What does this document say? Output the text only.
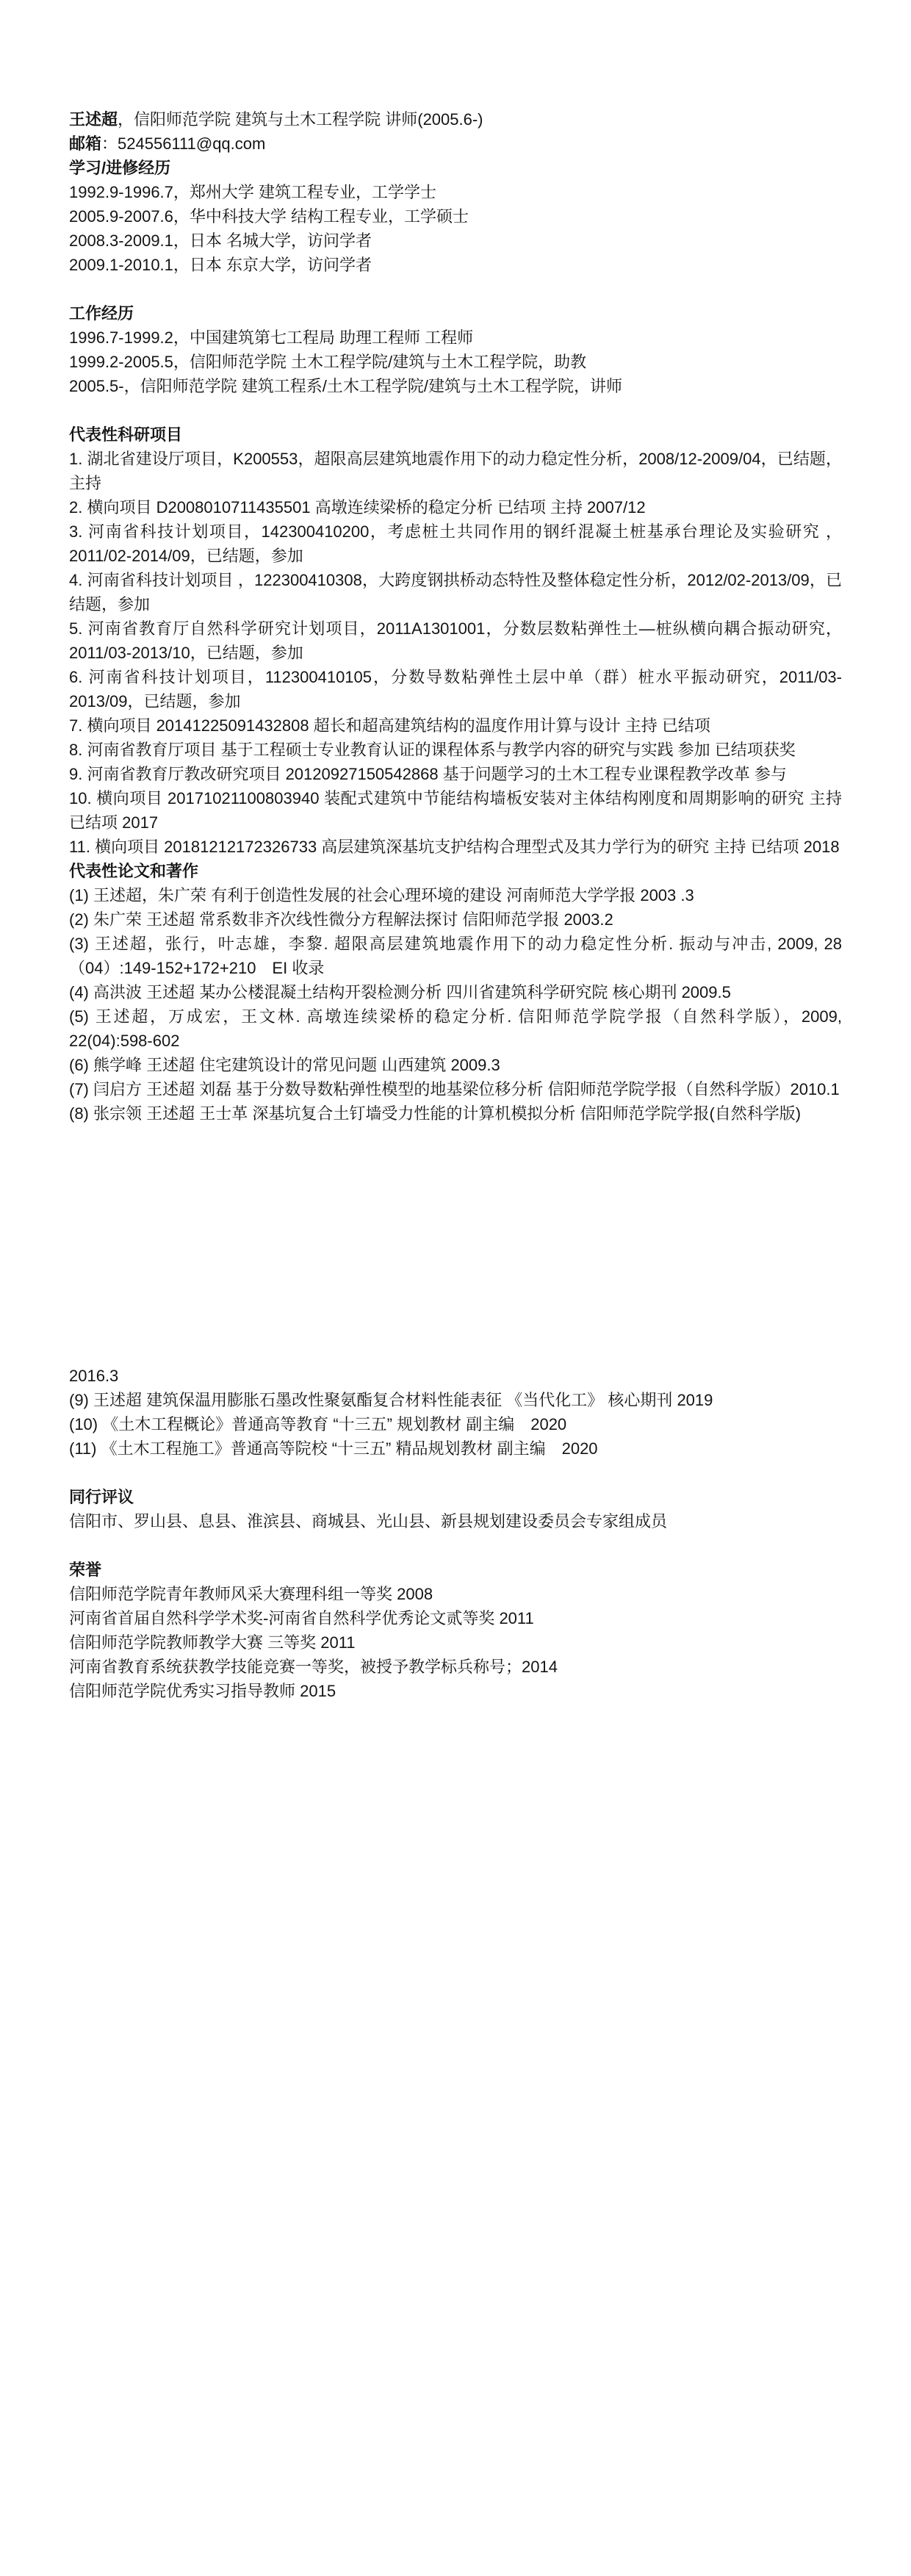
王述超，信阳师范学院 建筑与土木工程学院 讲师(2005.6-)

邮箱：524556111@qq.com

学习/进修经历

1992.9-1996.7，郑州大学 建筑工程专业，工学学士

2005.9-2007.6，华中科技大学 结构工程专业，工学硕士

2008.3-2009.1，日本 名城大学，访问学者

2009.1-2010.1，日本 东京大学，访问学者

工作经历

1996.7-1999.2，中国建筑第七工程局 助理工程师 工程师

1999.2-2005.5，信阳师范学院 土木工程学院/建筑与土木工程学院，助教

2005.5-，信阳师范学院 建筑工程系/土木工程学院/建筑与土木工程学院，讲师

代表性科研项目

1. 湖北省建设厅项目，K200553，超限高层建筑地震作用下的动力稳定性分析，2008/12-2009/04，已结题，主持

2. 横向项目 D2008010711435501 高墩连续梁桥的稳定分析 已结项 主持 2007/12

3. 河南省科技计划项目，142300410200，考虑桩土共同作用的钢纤混凝土桩基承台理论及实验研究 ，2011/02-2014/09，已结题，参加

4. 河南省科技计划项目 ，122300410308，大跨度钢拱桥动态特性及整体稳定性分析，2012/02-2013/09，已结题，参加

5. 河南省教育厅自然科学研究计划项目，2011A1301001，分数层数粘弹性土—桩纵横向耦合振动研究，2011/03-2013/10，已结题，参加

6. 河南省科技计划项目，112300410105，分数导数粘弹性土层中单（群）桩水平振动研究，2011/03-2013/09，已结题，参加

7. 横向项目 20141225091432808 超长和超高建筑结构的温度作用计算与设计 主持 已结项

8. 河南省教育厅项目 基于工程硕士专业教育认证的课程体系与教学内容的研究与实践 参加 已结项获奖

9. 河南省教育厅教改研究项目 20120927150542868 基于问题学习的土木工程专业课程教学改革 参与

10. 横向项目 20171021100803940 装配式建筑中节能结构墙板安装对主体结构刚度和周期影响的研究 主持 已结项 2017

11. 横向项目 20181212172326733 高层建筑深基坑支护结构合理型式及其力学行为的研究 主持 已结项 2018

代表性论文和著作

(1) 王述超，朱广荣 有利于创造性发展的社会心理环境的建设 河南师范大学学报 2003 .3

(2) 朱广荣 王述超 常系数非齐次线性微分方程解法探讨 信阳师范学报 2003.2

(3) 王述超，张行，叶志雄，李黎. 超限高层建筑地震作用下的动力稳定性分析. 振动与冲击, 2009, 28（04）:149-152+172+210　EI 收录

(4) 高洪波 王述超 某办公楼混凝土结构开裂检测分析 四川省建筑科学研究院 核心期刊 2009.5

(5) 王述超，万成宏，王文林. 高墩连续梁桥的稳定分析. 信阳师范学院学报（自然科学版），2009, 22(04):598-602

(6) 熊学峰 王述超 住宅建筑设计的常见问题 山西建筑 2009.3

(7) 闫启方 王述超 刘磊 基于分数导数粘弹性模型的地基梁位移分析 信阳师范学院学报（自然科学版）2010.1

(8) 张宗领 王述超 王士革 深基坑复合土钉墙受力性能的计算机模拟分析 信阳师范学院学报(自然科学版)

2016.3

(9) 王述超 建筑保温用膨胀石墨改性聚氨酯复合材料性能表征 《当代化工》 核心期刊 2019

(10) 《土木工程概论》普通高等教育 “十三五” 规划教材 副主编　2020

(11) 《土木工程施工》普通高等院校 “十三五” 精品规划教材 副主编　2020

同行评议

信阳市、罗山县、息县、淮滨县、商城县、光山县、新县规划建设委员会专家组成员

荣誉

信阳师范学院青年教师风采大赛理科组一等奖 2008

河南省首届自然科学学术奖-河南省自然科学优秀论文贰等奖 2011

信阳师范学院教师教学大赛 三等奖 2011

河南省教育系统获教学技能竞赛一等奖，被授予教学标兵称号；2014

信阳师范学院优秀实习指导教师 2015
